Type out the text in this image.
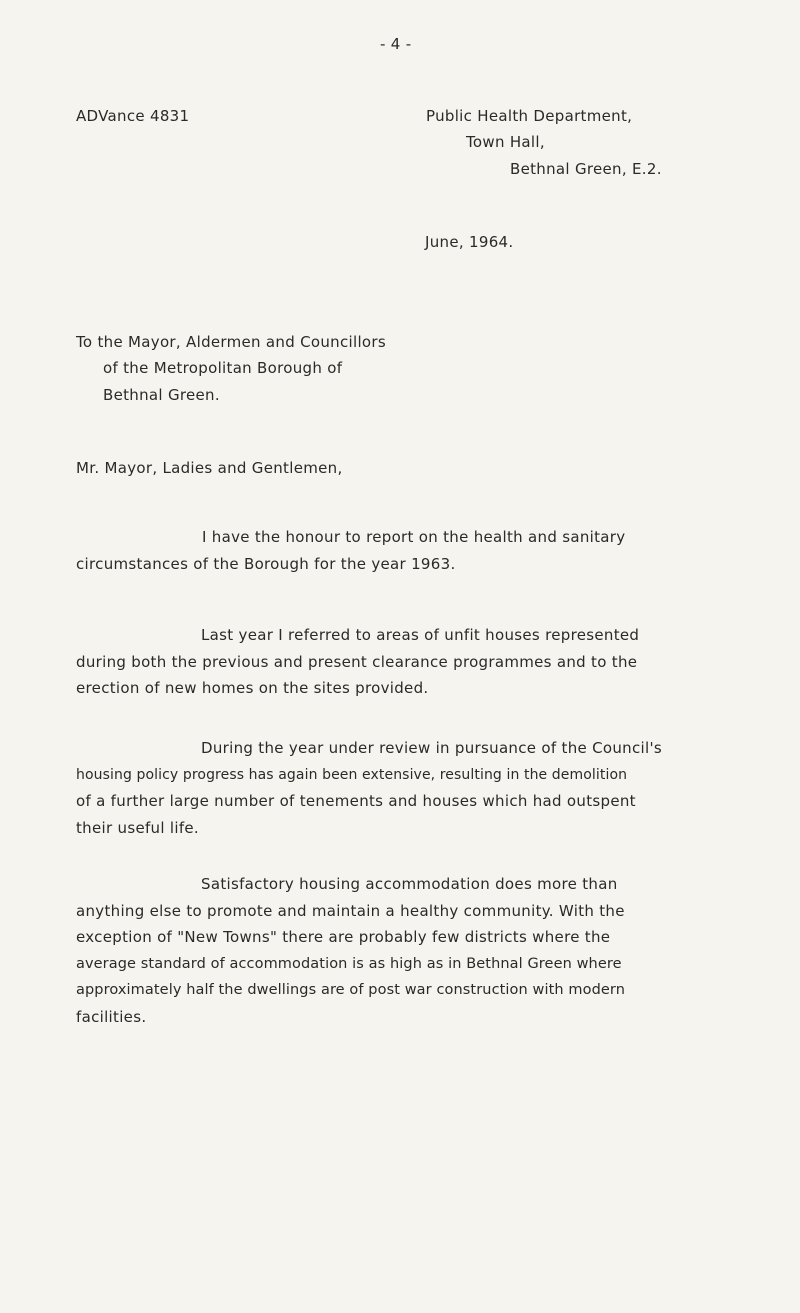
- 4 -
ADVance 4831	Public Health Department,
Town Hall,
Bethnal Green, E.2.
June, 1964.
To the Mayor, Aldermen and Councillors
of the Metropolitan Borough of
Bethnal Green.
Mr. Mayor, Ladies and Gentlemen,
I have the honour to report on the health and sanitary
circumstances of the Borough for the year 1963.
Last year I referred to areas of unfit houses represented
during both the previous and present clearance programmes and to the
erection of new homes on the sites provided.
During the year under review in pursuance of the Council's
housing policy progress has again been extensive, resulting in the demolition
of a further large number of tenements and houses which had outspent
their useful life.
Satisfactory housing accommodation does more than
anything else to promote and maintain a healthy community. With the
exception of "New Towns" there are probably few districts where the
average standard of accommodation is as high as in Bethnal Green where
approximately half the dwellings are of post war construction with modern
facilities.
